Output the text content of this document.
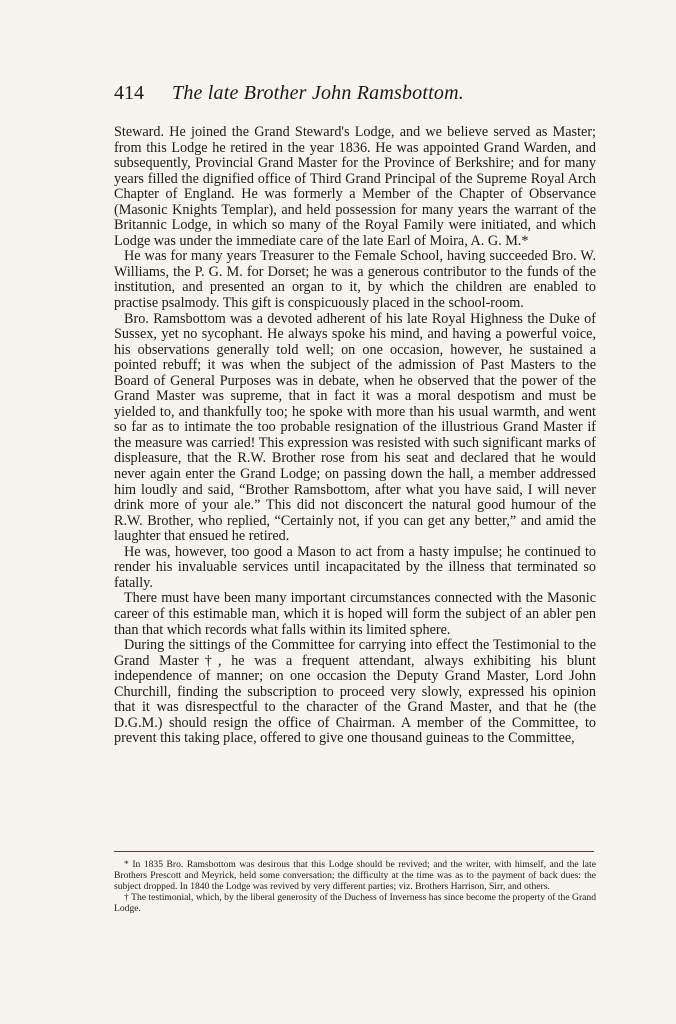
414 The late Brother John Ramsbottom.

Steward. He joined the Grand Steward's Lodge, and we believe served as Master; from this Lodge he retired in the year 1836. He was appointed Grand Warden, and subsequently, Provincial Grand Master for the Province of Berkshire; and for many years filled the dignified office of Third Grand Principal of the Supreme Royal Arch Chapter of England. He was formerly a Member of the Chapter of Observance (Masonic Knights Templar), and held possession for many years the warrant of the Britannic Lodge, in which so many of the Royal Family were initiated, and which Lodge was under the immediate care of the late Earl of Moira, A. G. M.*

He was for many years Treasurer to the Female School, having succeeded Bro. W. Williams, the P. G. M. for Dorset; he was a generous contributor to the funds of the institution, and presented an organ to it, by which the children are enabled to practise psalmody. This gift is conspicuously placed in the school-room.

Bro. Ramsbottom was a devoted adherent of his late Royal Highness the Duke of Sussex, yet no sycophant. He always spoke his mind, and having a powerful voice, his observations generally told well; on one occasion, however, he sustained a pointed rebuff; it was when the subject of the admission of Past Masters to the Board of General Purposes was in debate, when he observed that the power of the Grand Master was supreme, that in fact it was a moral despotism and must be yielded to, and thankfully too; he spoke with more than his usual warmth, and went so far as to intimate the too probable resignation of the illustrious Grand Master if the measure was carried! This expression was resisted with such significant marks of displeasure, that the R.W. Brother rose from his seat and declared that he would never again enter the Grand Lodge; on passing down the hall, a member addressed him loudly and said, “Brother Ramsbottom, after what you have said, I will never drink more of your ale.” This did not disconcert the natural good humour of the R.W. Brother, who replied, “Certainly not, if you can get any better,” and amid the laughter that ensued he retired.

He was, however, too good a Mason to act from a hasty impulse; he continued to render his invaluable services until incapacitated by the illness that terminated so fatally.

There must have been many important circumstances connected with the Masonic career of this estimable man, which it is hoped will form the subject of an abler pen than that which records what falls within its limited sphere.

During the sittings of the Committee for carrying into effect the Testimonial to the Grand Master†, he was a frequent attendant, always exhibiting his blunt independence of manner; on one occasion the Deputy Grand Master, Lord John Churchill, finding the subscription to proceed very slowly, expressed his opinion that it was disrespectful to the character of the Grand Master, and that he (the D.G.M.) should resign the office of Chairman. A member of the Committee, to prevent this taking place, offered to give one thousand guineas to the Committee,

* In 1835 Bro. Ramsbottom was desirous that this Lodge should be revived; and the writer, with himself, and the late Brothers Prescott and Meyrick, held some conversation; the difficulty at the time was as to the payment of back dues: the subject dropped. In 1840 the Lodge was revived by very different parties; viz. Brothers Harrison, Sirr, and others.

† The testimonial, which, by the liberal generosity of the Duchess of Inverness has since become the property of the Grand Lodge.
